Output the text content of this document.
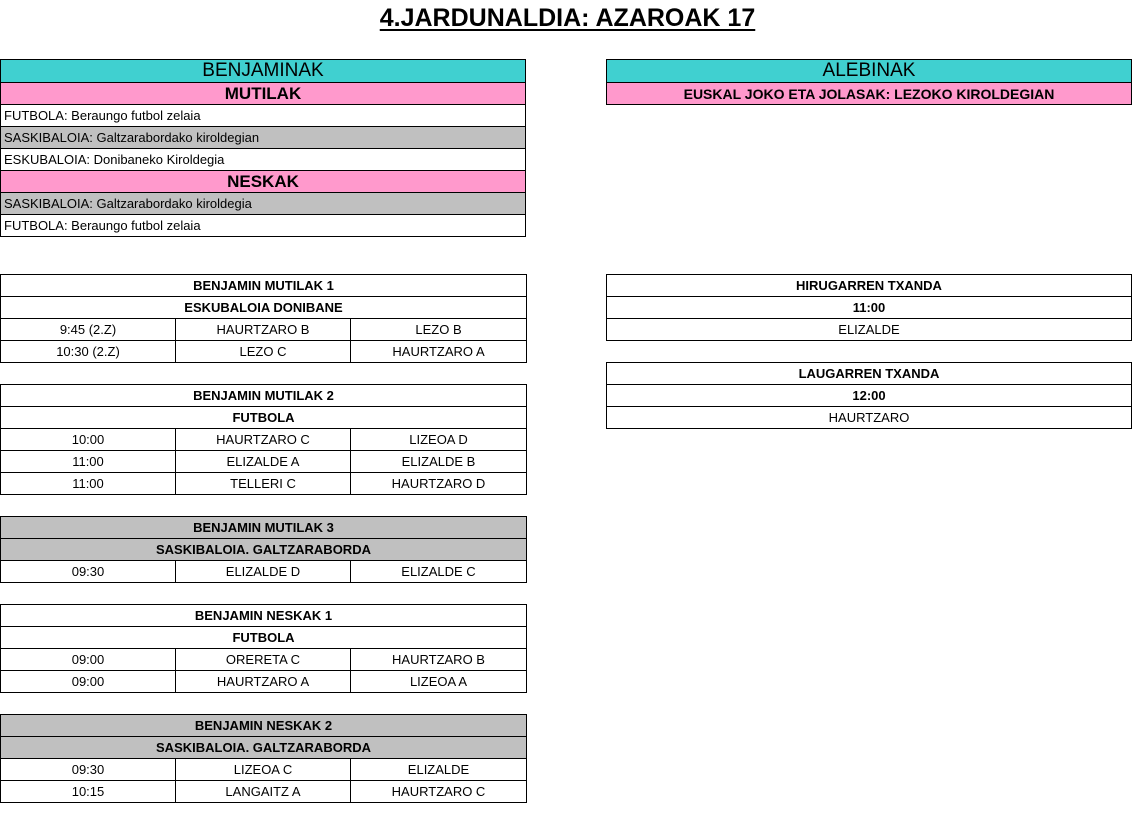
4.JARDUNALDIA: AZAROAK 17
BENJAMINAK
MUTILAK
FUTBOLA: Beraungo futbol zelaia
SASKIBALOIA: Galtzarabordako kiroldegian
ESKUBALOIA: Donibaneko Kiroldegia
NESKAK
SASKIBALOIA: Galtzarabordako kiroldegia
FUTBOLA: Beraungo futbol zelaia
ALEBINAK
EUSKAL JOKO ETA JOLASAK: LEZOKO KIROLDEGIAN
BENJAMIN MUTILAK 1		
ESKUBALOIA DONIBANE		
9:45 (2.Z)	HAURTZARO B	LEZO B
10:30 (2.Z)	LEZO C	HAURTZARO A
BENJAMIN MUTILAK 2		
FUTBOLA		
10:00	HAURTZARO C	LIZEOA D
11:00	ELIZALDE A	ELIZALDE B
11:00	TELLERI C	HAURTZARO D
BENJAMIN MUTILAK 3
SASKIBALOIA. GALTZARABORDA
09:30	ELIZALDE D	ELIZALDE C
BENJAMIN NESKAK 1		
FUTBOLA		
09:00	ORERETA C	HAURTZARO B
09:00	HAURTZARO A	LIZEOA A
BENJAMIN NESKAK 2		
SASKIBALOIA. GALTZARABORDA		
09:30	LIZEOA C	ELIZALDE
10:15	LANGAITZ A	HAURTZARO C
HIRUGARREN TXANDA
11:00
ELIZALDE
LAUGARREN TXANDA
12:00
HAURTZARO
